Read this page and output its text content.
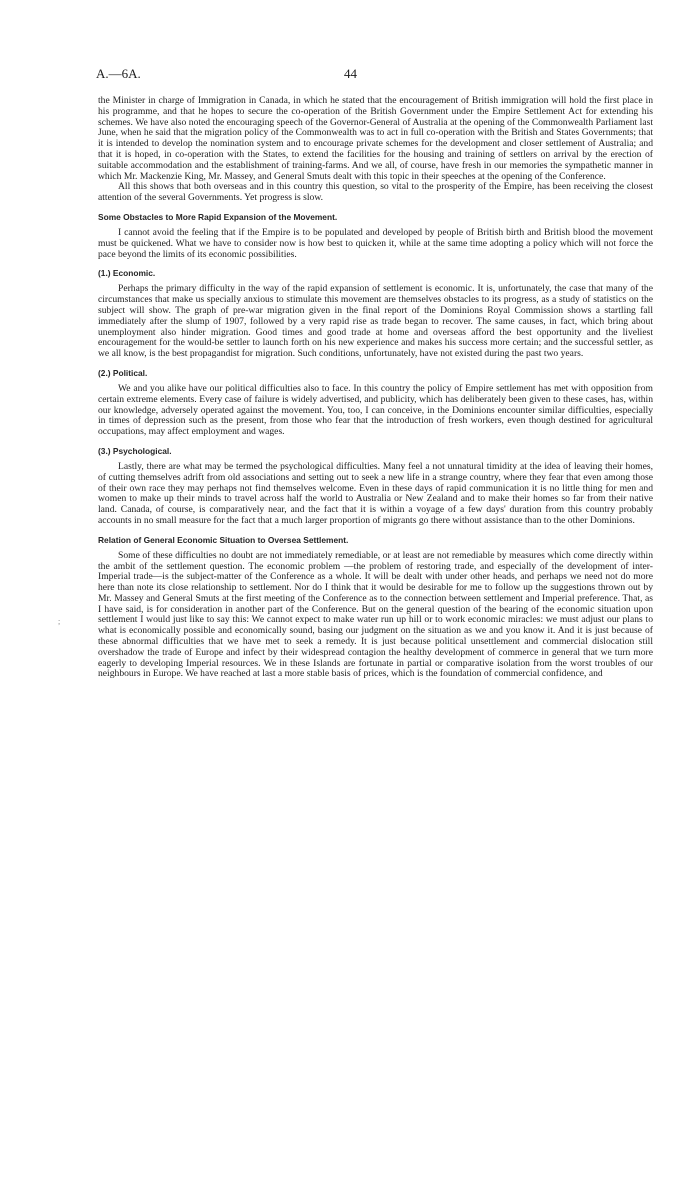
A.—6A.	44
;

the Minister in charge of Immigration in Canada, in which he stated that the encouragement of British immigration will hold the first place in his programme, and that he hopes to secure the co-operation of the British Government under the Empire Settlement Act for extending his schemes. We have also noted the encouraging speech of the Governor-General of Australia at the opening of the Commonwealth Parliament last June, when he said that the migration policy of the Commonwealth was to act in full co-operation with the British and States Governments; that it is intended to develop the nomination system and to encourage private schemes for the development and closer settlement of Australia; and that it is hoped, in co-operation with the States, to extend the facilities for the housing and training of settlers on arrival by the erection of suitable accommodation and the establishment of training-farms. And we all, of course, have fresh in our memories the sympathetic manner in which Mr. Mackenzie King, Mr. Massey, and General Smuts dealt with this topic in their speeches at the opening of the Conference.

All this shows that both overseas and in this country this question, so vital to the prosperity of the Empire, has been receiving the closest attention of the several Governments. Yet progress is slow.

Some Obstacles to More Rapid Expansion of the Movement.

I cannot avoid the feeling that if the Empire is to be populated and developed by people of British birth and British blood the movement must be quickened. What we have to consider now is how best to quicken it, while at the same time adopting a policy which will not force the pace beyond the limits of its economic possibilities.

(1.) Economic.

Perhaps the primary difficulty in the way of the rapid expansion of settlement is economic. It is, unfortunately, the case that many of the circumstances that make us specially anxious to stimulate this movement are themselves obstacles to its progress, as a study of statistics on the subject will show. The graph of pre-war migration given in the final report of the Dominions Royal Commission shows a startling fall immediately after the slump of 1907, followed by a very rapid rise as trade began to recover. The same causes, in fact, which bring about unemployment also hinder migration. Good times and good trade at home and overseas afford the best opportunity and the liveliest encouragement for the would-be settler to launch forth on his new experience and makes his success more certain; and the successful settler, as we all know, is the best propagandist for migration. Such conditions, unfortunately, have not existed during the past two years.

(2.) Political.

We and you alike have our political difficulties also to face. In this country the policy of Empire settlement has met with opposition from certain extreme elements. Every case of failure is widely advertised, and publicity, which has deliberately been given to these cases, has, within our knowledge, adversely operated against the movement. You, too, I can conceive, in the Dominions encounter similar difficulties, especially in times of depression such as the present, from those who fear that the introduction of fresh workers, even though destined for agricultural occupations, may affect employment and wages.

(3.) Psychological.

Lastly, there are what may be termed the psychological difficulties. Many feel a not unnatural timidity at the idea of leaving their homes, of cutting themselves adrift from old associations and setting out to seek a new life in a strange country, where they fear that even among those of their own race they may perhaps not find themselves welcome. Even in these days of rapid communication it is no little thing for men and women to make up their minds to travel across half the world to Australia or New Zealand and to make their homes so far from their native land. Canada, of course, is comparatively near, and the fact that it is within a voyage of a few days' duration from this country probably accounts in no small measure for the fact that a much larger proportion of migrants go there without assistance than to the other Dominions.

Relation of General Economic Situation to Oversea Settlement.

Some of these difficulties no doubt are not immediately remediable, or at least are not remediable by measures which come directly within the ambit of the settlement question. The economic problem —the problem of restoring trade, and especially of the development of inter-Imperial trade—is the subject-matter of the Conference as a whole. It will be dealt with under other heads, and perhaps we need not do more here than note its close relationship to settlement. Nor do I think that it would be desirable for me to follow up the suggestions thrown out by Mr. Massey and General Smuts at the first meeting of the Conference as to the connection between settlement and Imperial preference. That, as I have said, is for consideration in another part of the Conference. But on the general question of the bearing of the economic situation upon settlement I would just like to say this: We cannot expect to make water run up hill or to work economic miracles: we must adjust our plans to what is economically possible and economically sound, basing our judgment on the situation as we and you know it. And it is just because of these abnormal difficulties that we have met to seek a remedy. It is just because political unsettlement and commercial dislocation still overshadow the trade of Europe and infect by their widespread contagion the healthy development of commerce in general that we turn more eagerly to developing Imperial resources. We in these Islands are fortunate in partial or comparative isolation from the worst troubles of our neighbours in Europe. We have reached at last a more stable basis of prices, which is the foundation of commercial confidence, and
